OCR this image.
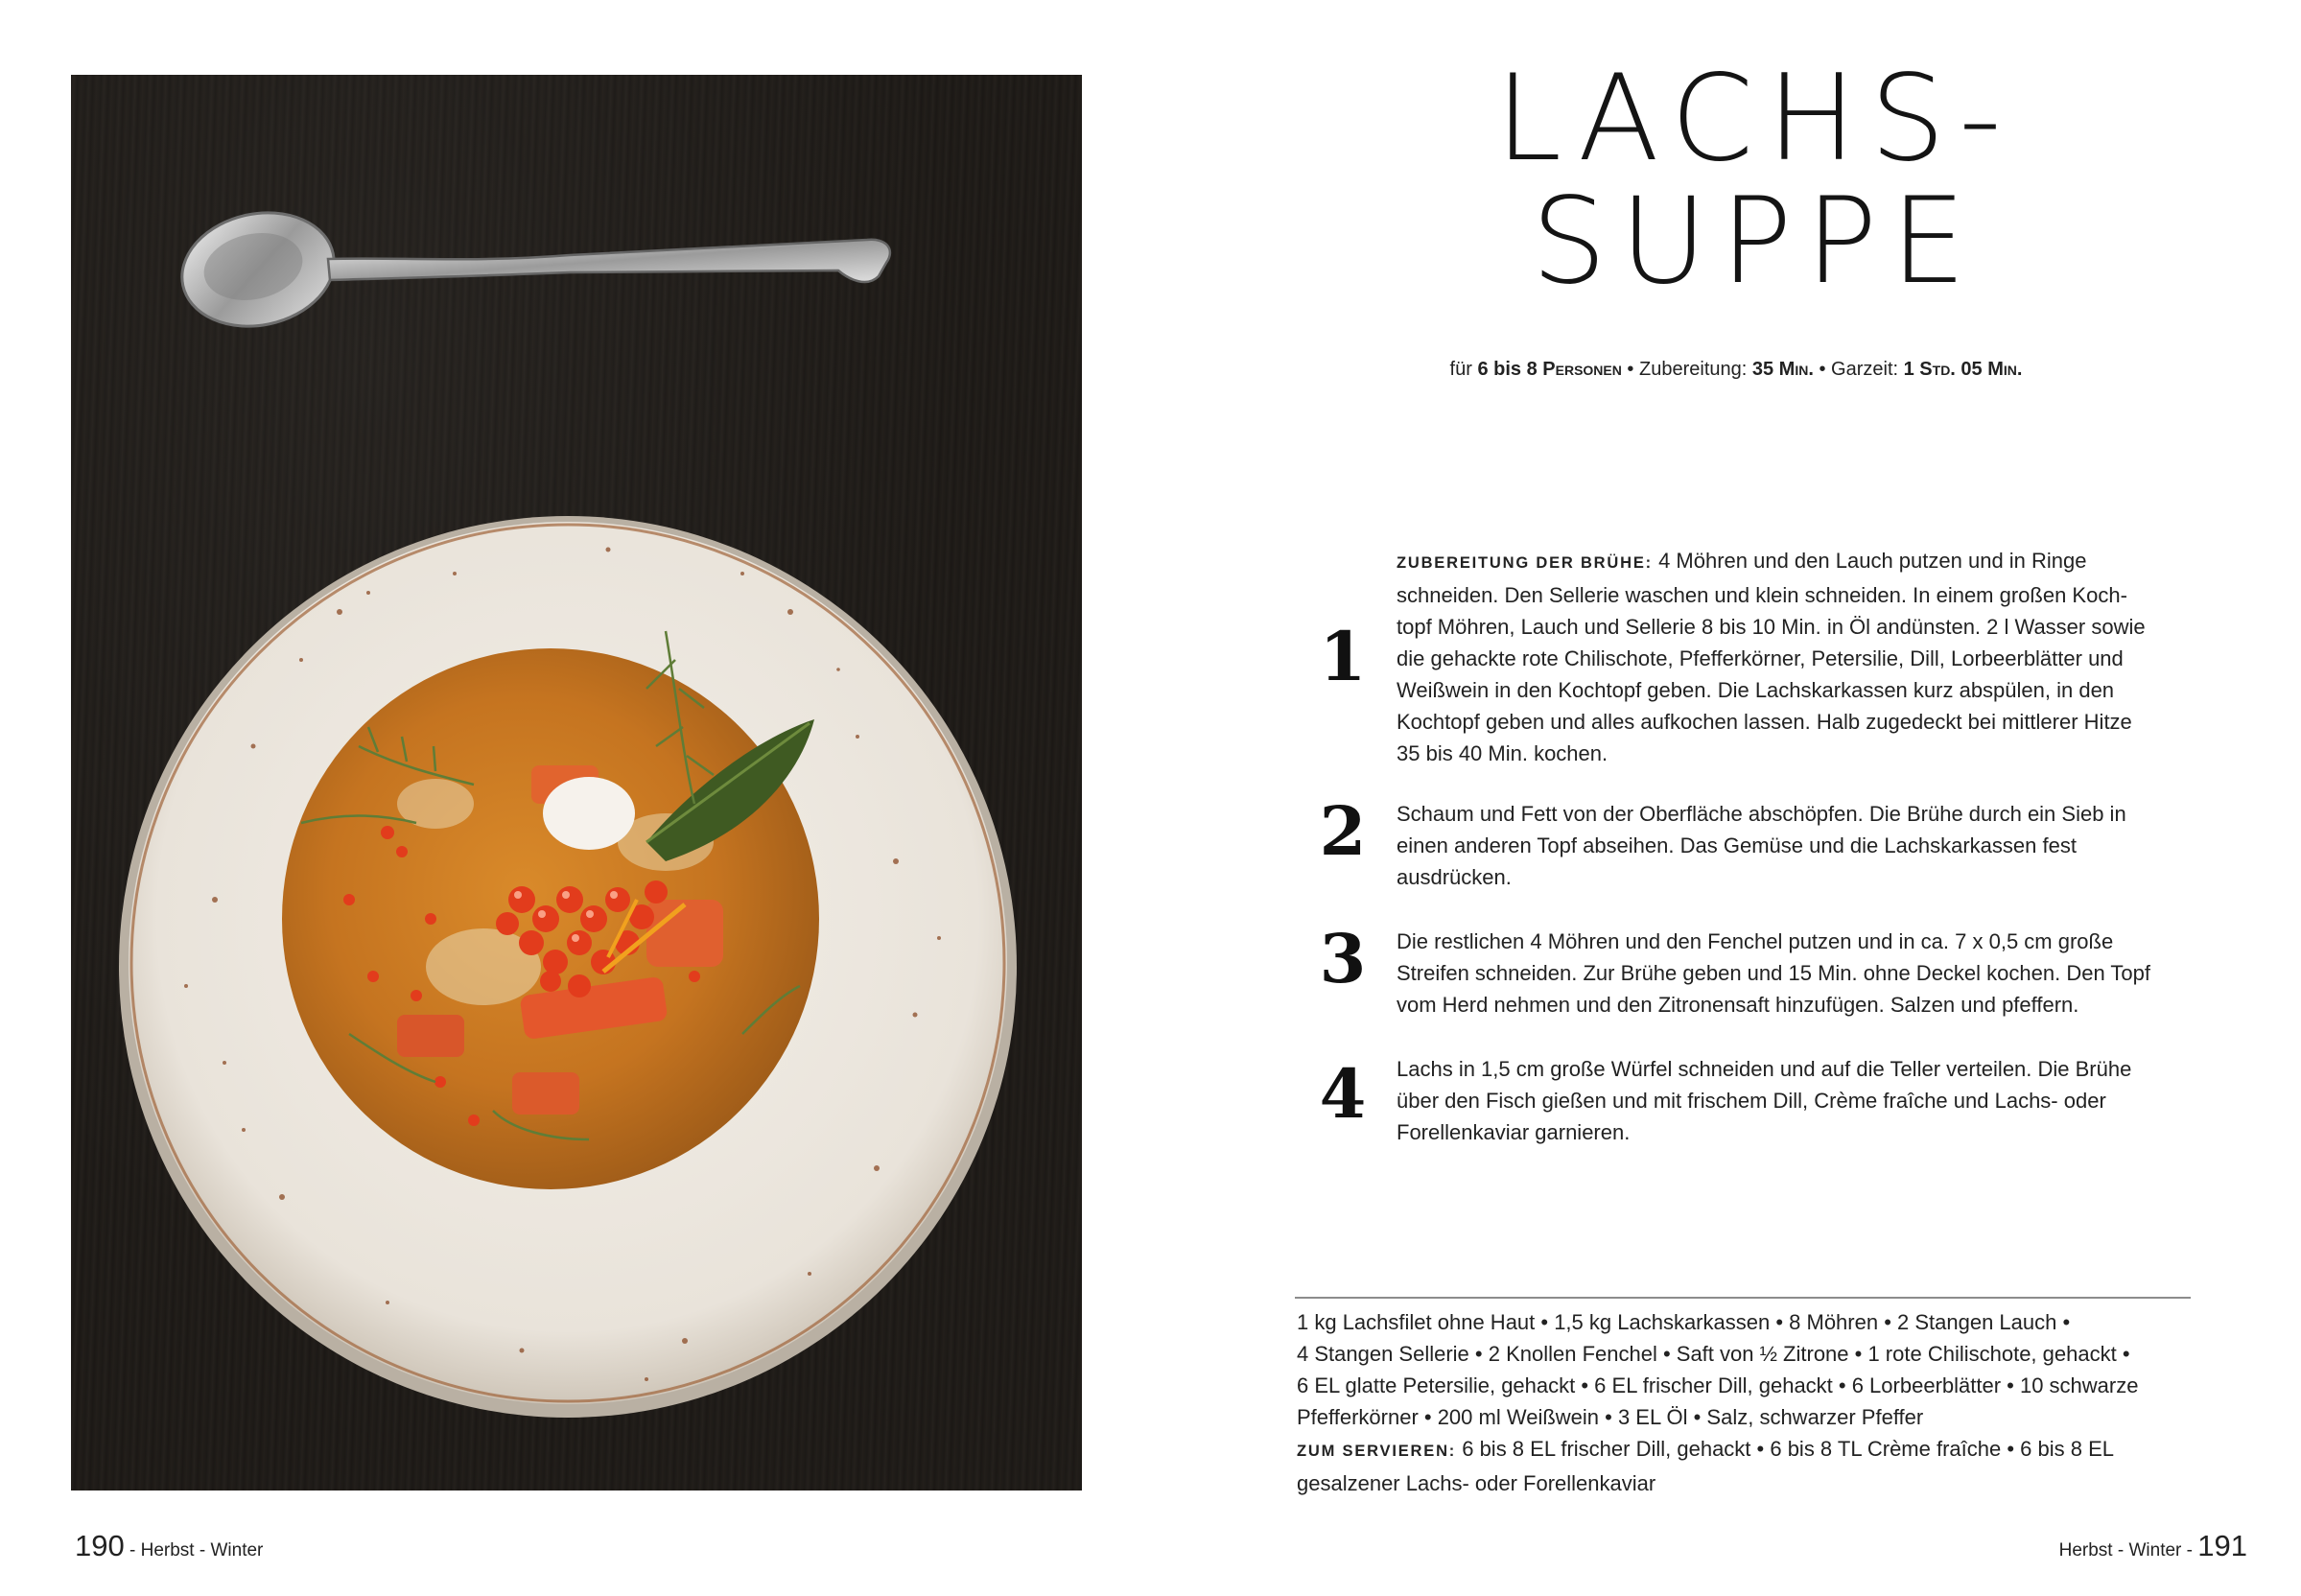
LACHS-
SUPPE
für 6 bis 8 Personen • Zubereitung: 35 Min. • Garzeit: 1 Std. 05 Min.
1
ZUBEREITUNG DER BRÜHE: 4 Möhren und den Lauch putzen und in Ringe
schneiden. Den Sellerie waschen und klein schneiden. In einem großen Koch-
topf Möhren, Lauch und Sellerie 8 bis 10 Min. in Öl andünsten. 2 l Wasser sowie
die gehackte rote Chilischote, Pfefferkörner, Petersilie, Dill, Lorbeerblätter und
Weißwein in den Kochtopf geben. Die Lachskarkassen kurz abspülen, in den
Kochtopf geben und alles aufkochen lassen. Halb zugedeckt bei mittlerer Hitze
35 bis 40 Min. kochen.
2 Schaum und Fett von der Oberfläche abschöpfen. Die Brühe durch ein Sieb in
einen anderen Topf abseihen. Das Gemüse und die Lachskarkassen fest
ausdrücken.
3 Die restlichen 4 Möhren und den Fenchel putzen und in ca. 7 x 0,5 cm große
Streifen schneiden. Zur Brühe geben und 15 Min. ohne Deckel kochen. Den Topf
vom Herd nehmen und den Zitronensaft hinzufügen. Salzen und pfeffern.
4 Lachs in 1,5 cm große Würfel schneiden und auf die Teller verteilen. Die Brühe
über den Fisch gießen und mit frischem Dill, Crème fraîche und Lachs- oder
Forellenkaviar garnieren.
1 kg Lachsfilet ohne Haut • 1,5 kg Lachskarkassen • 8 Möhren • 2 Stangen Lauch •
4 Stangen Sellerie • 2 Knollen Fenchel • Saft von ½ Zitrone • 1 rote Chilischote, gehackt •
6 EL glatte Petersilie, gehackt • 6 EL frischer Dill, gehackt • 6 Lorbeerblätter • 10 schwarze
Pfefferkörner • 200 ml Weißwein • 3 EL Öl • Salz, schwarzer Pfeffer
ZUM SERVIEREN: 6 bis 8 EL frischer Dill, gehackt • 6 bis 8 TL Crème fraîche • 6 bis 8 EL
gesalzener Lachs- oder Forellenkaviar
190 - Herbst - Winter	Herbst - Winter - 191
